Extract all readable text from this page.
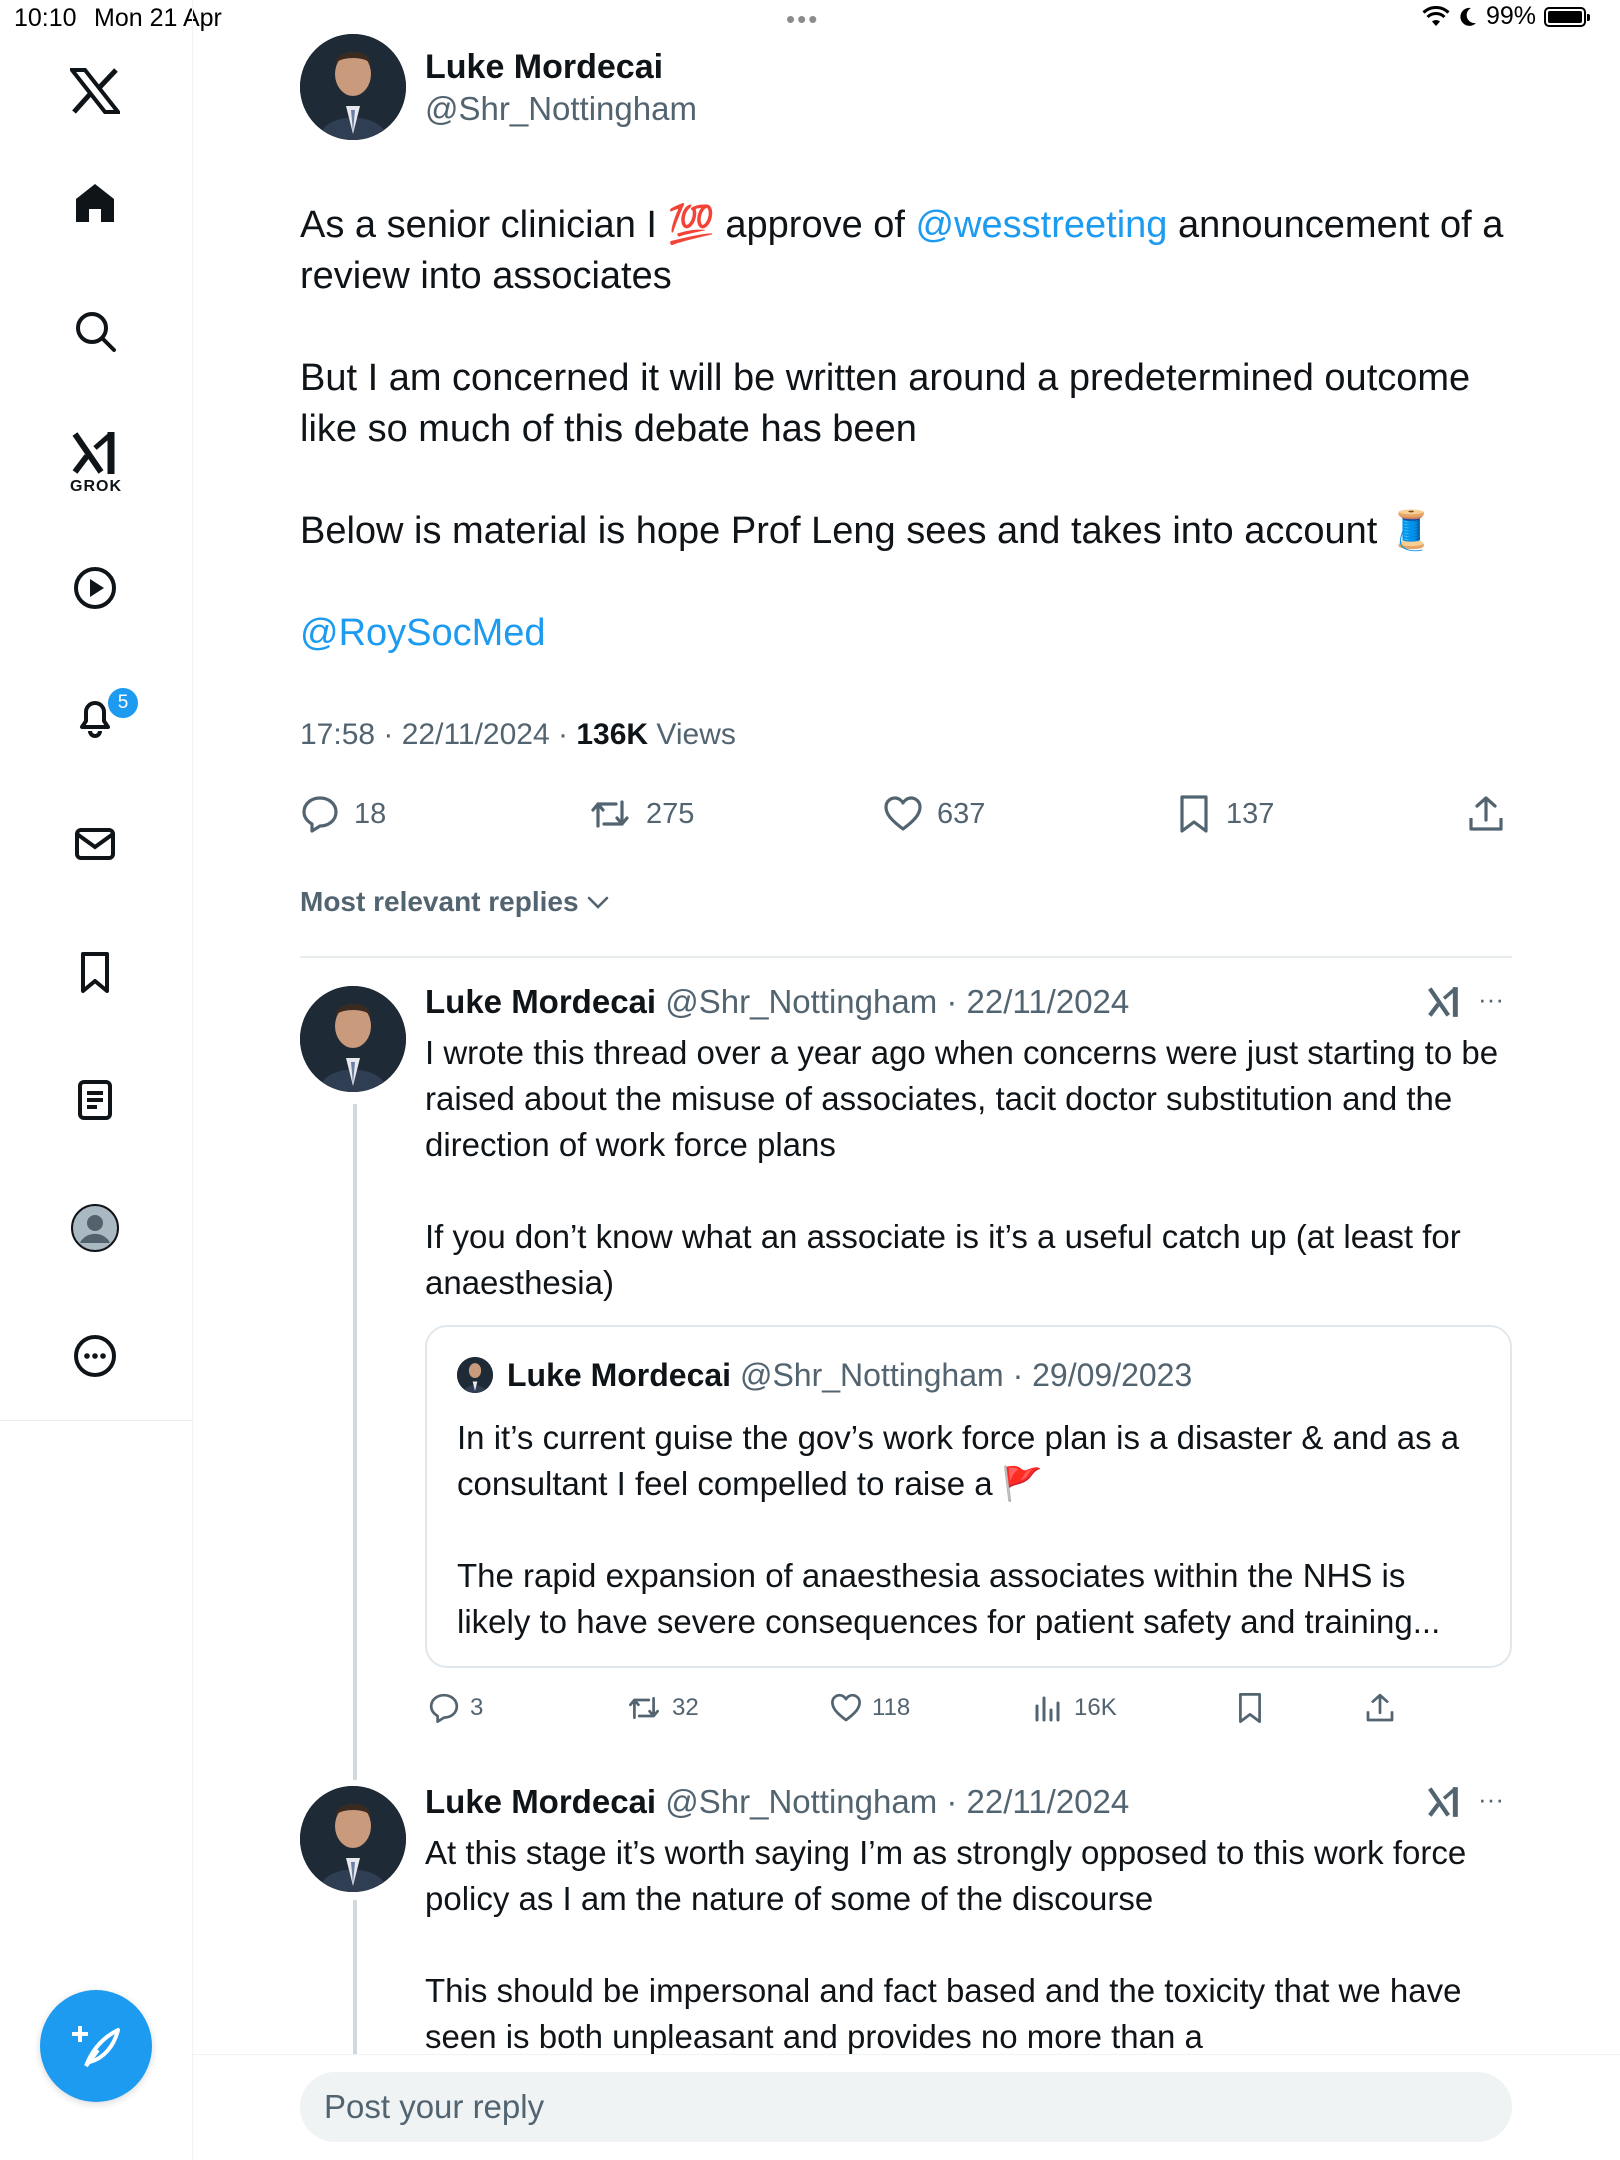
10:10 Mon 21 Apr	•••	99%
GROK
5
Luke Mordecai
@Shr_Nottingham

As a senior clinician I 💯 approve of @wesstreeting announcement of a review into associates

But I am concerned it will be written around a predetermined outcome like so much of this debate has been

Below is material is hope Prof Leng sees and takes into account 🧵

@RoySocMed

17:58 · 22/11/2024 · 136K Views
18	275	637	137
Most relevant replies
Luke Mordecai @Shr_Nottingham · 22/11/2024	···

I wrote this thread over a year ago when concerns were just starting to be raised about the misuse of associates, tacit doctor substitution and the direction of work force plans

If you don’t know what an associate is it’s a useful catch up (at least for anaesthesia)

Luke Mordecai @Shr_Nottingham · 29/09/2023

In it’s current guise the gov’s work force plan is a disaster & and as a consultant I feel compelled to raise a 🚩

The rapid expansion of anaesthesia associates within the NHS is likely to have severe consequences for patient safety and training...

3	32	118	16K
Luke Mordecai @Shr_Nottingham · 22/11/2024	···

At this stage it’s worth saying I’m as strongly opposed to this work force policy as I am the nature of some of the discourse

This should be impersonal and fact based and the toxicity that we have seen is both unpleasant and provides no more than a

Post your reply
